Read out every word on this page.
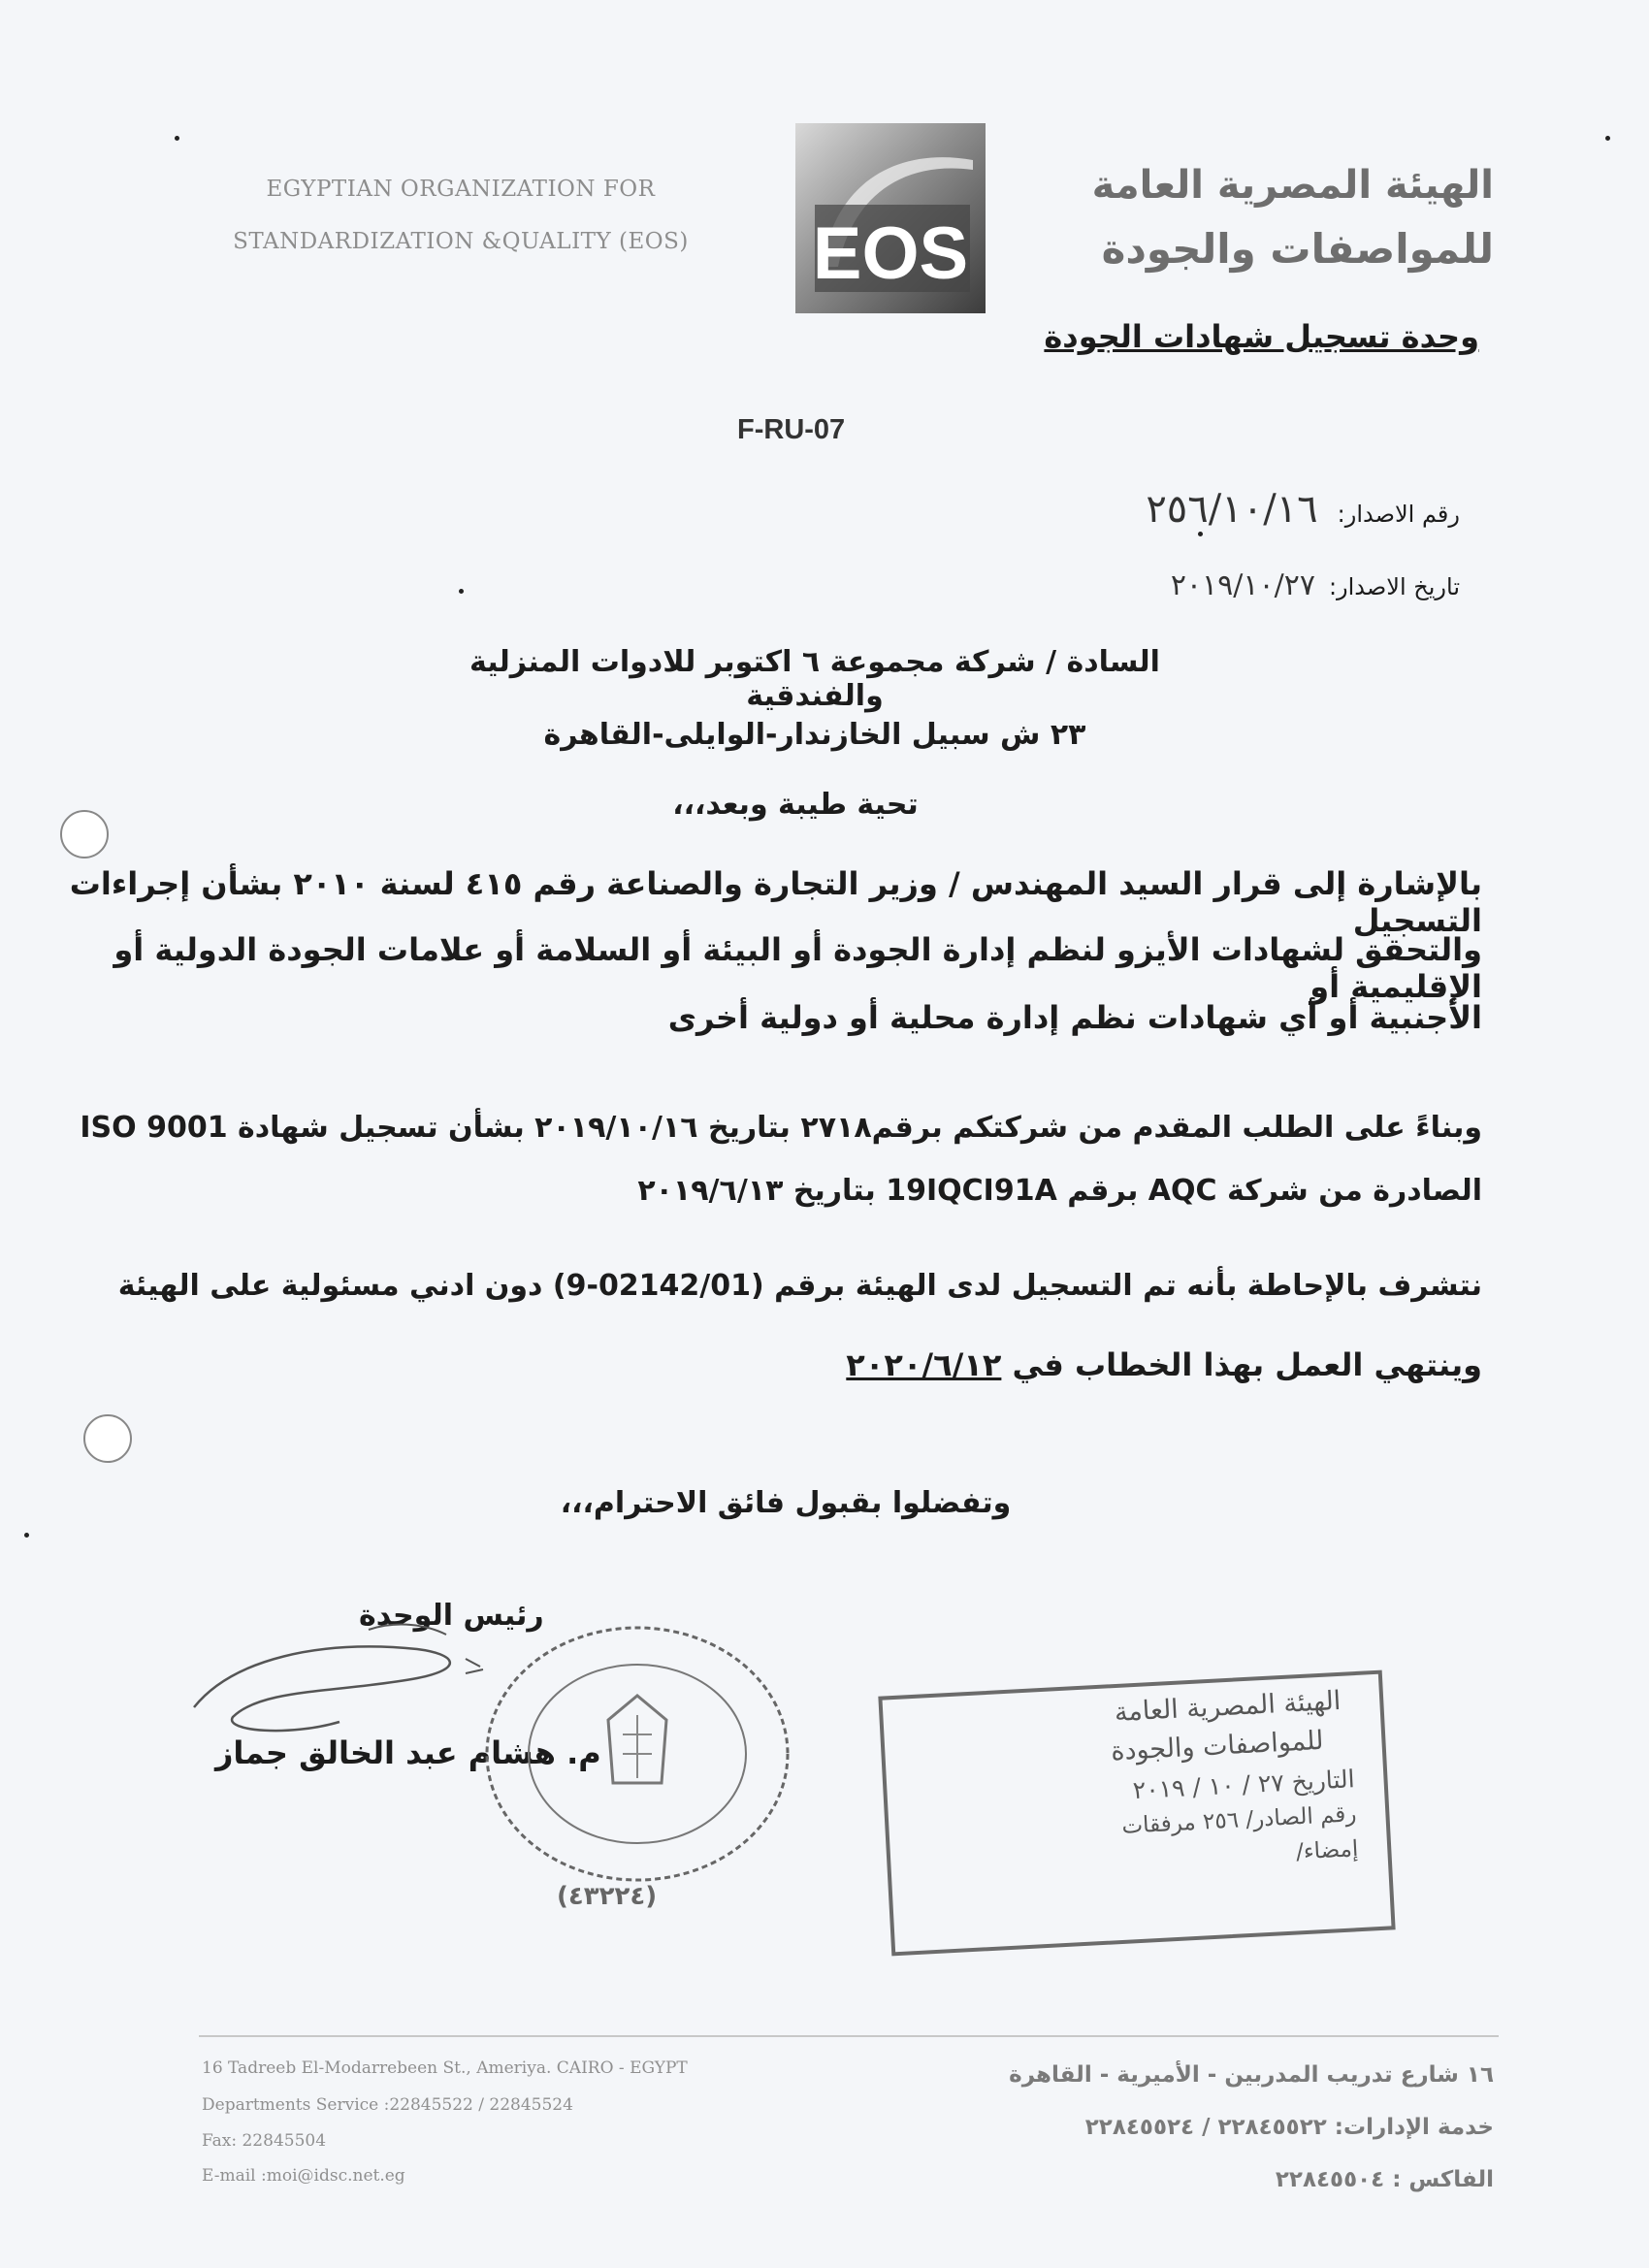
EGYPTIAN ORGANIZATION FOR
STANDARDIZATION &QUALITY (EOS)	EOS
الهيئة المصرية العامة
للمواصفات والجودة
وحدة تسجيل شهادات الجودة
F-RU-07
رقم الاصدار:
٢٥٦/١٠/١٦
تاريخ الاصدار:
٢٠١٩/١٠/٢٧
السادة / شركة مجموعة ٦ اكتوبر للادوات المنزلية والفندقية
٢٣ ش سبيل الخازندار-الوايلى-القاهرة
تحية طيبة وبعد،،،
بالإشارة إلى قرار السيد المهندس / وزير التجارة والصناعة رقم ٤١٥ لسنة ٢٠١٠ بشأن إجراءات التسجيل
والتحقق لشهادات الأيزو لنظم إدارة الجودة أو البيئة أو السلامة أو علامات الجودة الدولية أو الإقليمية أو
الأجنبية أو أي شهادات نظم إدارة محلية أو دولية أخرى
وبناءً على الطلب المقدم من شركتكم برقم٢٧١٨ بتاريخ ٢٠١٩/١٠/١٦ بشأن تسجيل شهادة ISO 9001
الصادرة من شركة AQC برقم 19IQCI91A بتاريخ ٢٠١٩/٦/١٣
نتشرف بالإحاطة بأنه تم التسجيل لدى الهيئة برقم (02142/01-9) دون ادني مسئولية على الهيئة
وينتهي العمل بهذا الخطاب في ٢٠٢٠/٦/١٢
وتفضلوا بقبول فائق الاحترام،،،
رئيس الوحدة
م. هشام عبد الخالق جماز
(٤٣٢٢٤)
الهيئة المصرية العامة
للمواصفات والجودة
التاريخ ٢٧ / ١٠ / ٢٠١٩
رقم الصادر/ ٢٥٦ مرفقات
إمضاء/
16 Tadreeb El-Modarrebeen St., Ameriya. CAIRO - EGYPT
Departments Service :22845522 / 22845524
Fax: 22845504
E-mail :moi@idsc.net.eg
١٦ شارع تدريب المدربين - الأميرية - القاهرة
خدمة الإدارات: ٢٢٨٤٥٥٢٢ / ٢٢٨٤٥٥٢٤
الفاكس : ٢٢٨٤٥٥٠٤
